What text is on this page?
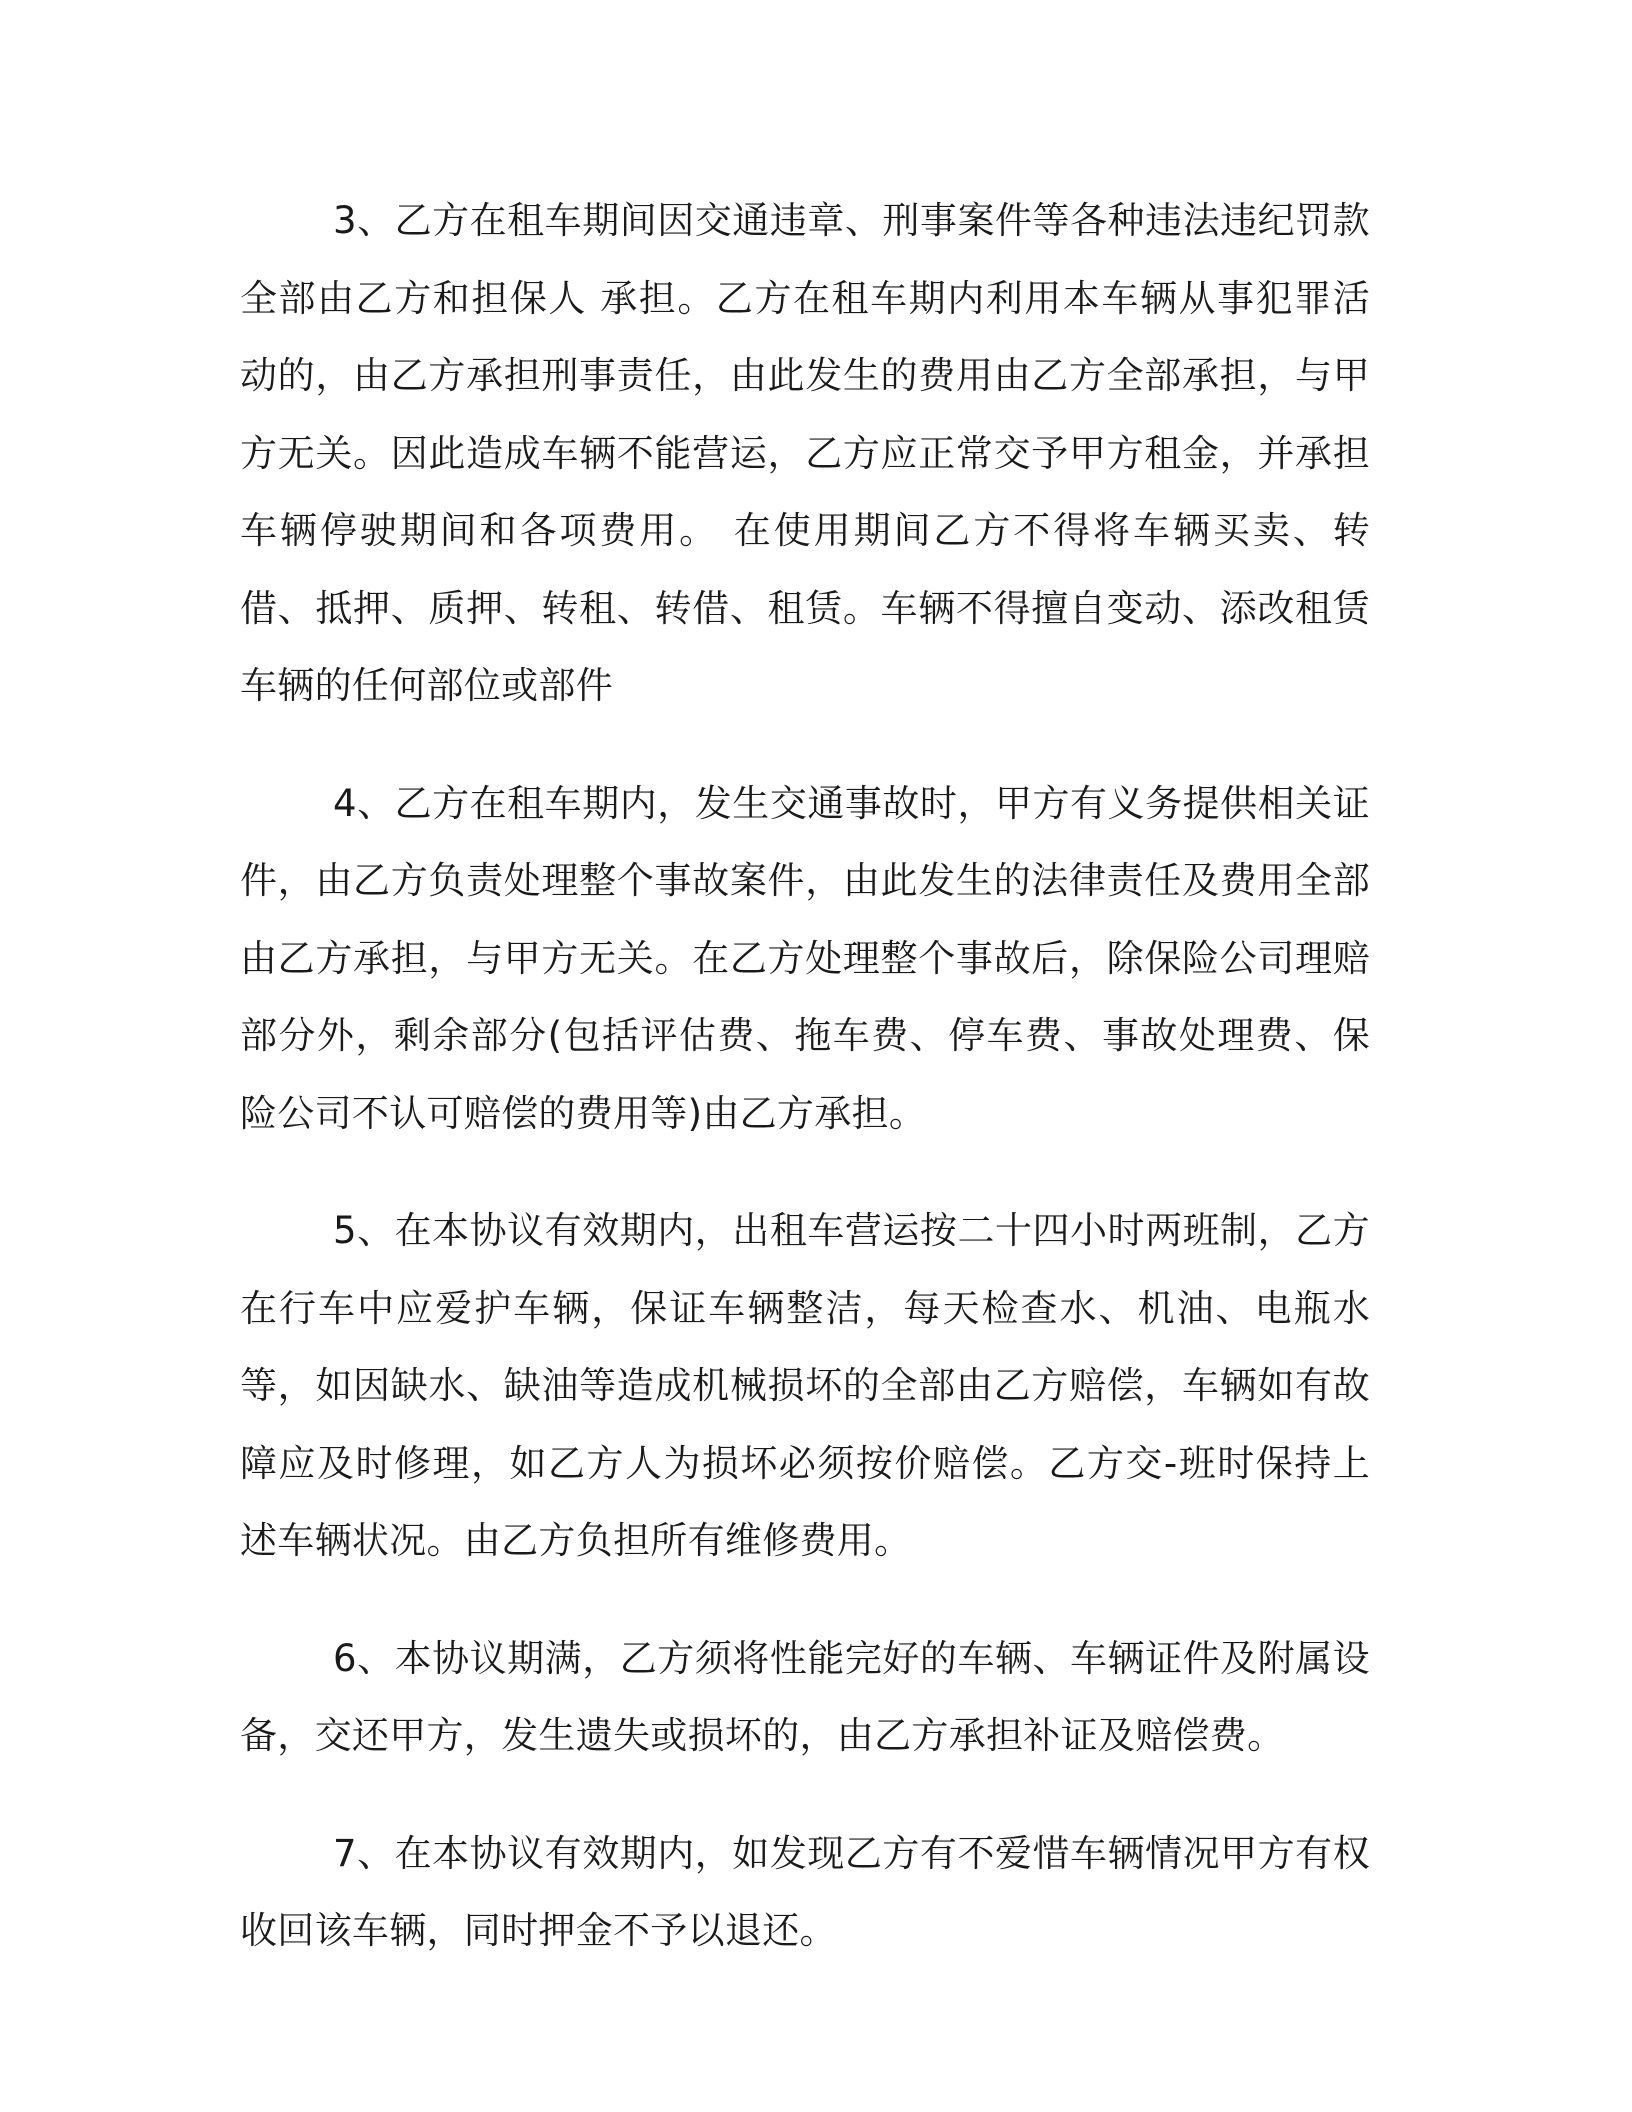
3、乙方在租车期间因交通违章、刑事案件等各种违法违纪罚款全部由乙方和担保人 承担。乙方在租车期内利用本车辆从事犯罪活动的，由乙方承担刑事责任，由此发生的费用由乙方全部承担，与甲方无关。因此造成车辆不能营运，乙方应正常交予甲方租金，并承担车辆停驶期间和各项费用。 在使用期间乙方不得将车辆买卖、转借、抵押、质押、转租、转借、租赁。车辆不得擅自变动、添改租赁车辆的任何部位或部件

4、乙方在租车期内，发生交通事故时，甲方有义务提供相关证件，由乙方负责处理整个事故案件，由此发生的法律责任及费用全部由乙方承担，与甲方无关。在乙方处理整个事故后，除保险公司理赔部分外，剩余部分(包括评估费、拖车费、停车费、事故处理费、保险公司不认可赔偿的费用等)由乙方承担。

5、在本协议有效期内，出租车营运按二十四小时两班制，乙方在行车中应爱护车辆，保证车辆整洁，每天检查水、机油、电瓶水等，如因缺水、缺油等造成机械损坏的全部由乙方赔偿，车辆如有故障应及时修理，如乙方人为损坏必须按价赔偿。乙方交-班时保持上述车辆状况。由乙方负担所有维修费用。

6、本协议期满，乙方须将性能完好的车辆、车辆证件及附属设备，交还甲方，发生遗失或损坏的，由乙方承担补证及赔偿费。

7、在本协议有效期内，如发现乙方有不爱惜车辆情况甲方有权收回该车辆，同时押金不予以退还。
